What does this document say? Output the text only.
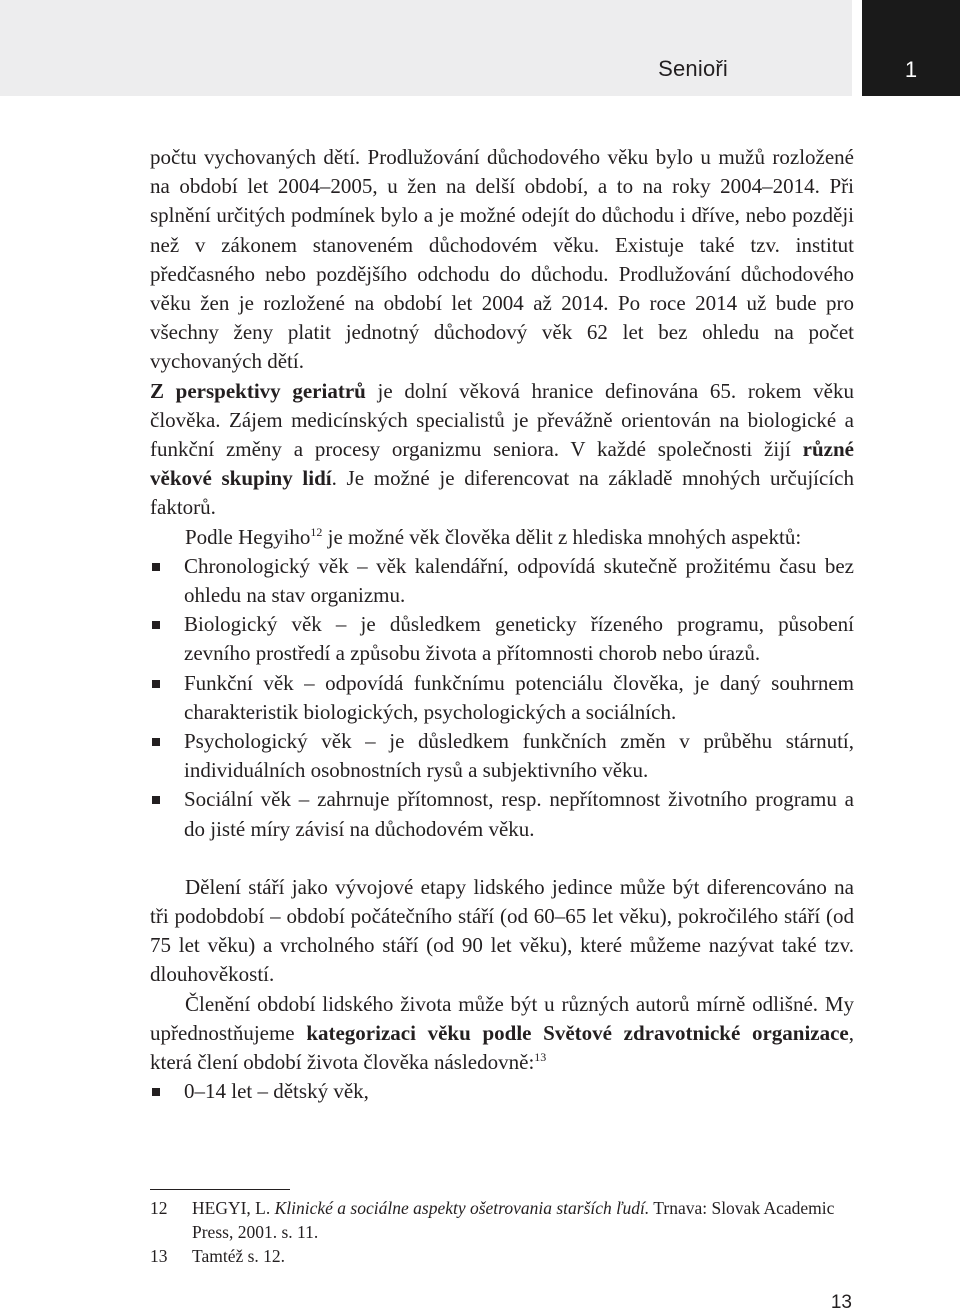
Senioři	1

počtu vychovaných dětí. Prodlužování důchodového věku bylo u mužů rozložené na období let 2004–2005, u žen na delší období, a to na roky 2004–2014. Při splnění určitých podmínek bylo a je možné odejít do důchodu i dříve, nebo později než v zákonem stanoveném důchodovém věku. Existuje také tzv. institut předčasného nebo pozdějšího odchodu do důchodu. Prodlužování důchodového věku žen je rozložené na období let 2004 až 2014. Po roce 2014 už bude pro všechny ženy platit jednotný důchodový věk 62 let bez ohledu na počet vychovaných dětí.

Z perspektivy geriatrů je dolní věková hranice definována 65. rokem věku člověka. Zájem medicínských specialistů je převážně orientován na biologické a funkční změny a procesy organizmu seniora. V každé společnosti žijí různé věkové skupiny lidí. Je možné je diferencovat na základě mnohých určujících faktorů.

Podle Hegyiho$^{12}$ je možné věk člověka dělit z hlediska mnohých aspektů:

Chronologický věk – věk kalendářní, odpovídá skutečně prožitému času bez ohledu na stav organizmu.
Biologický věk – je důsledkem geneticky řízeného programu, působení zevního prostředí a způsobu života a přítomnosti chorob nebo úrazů.
Funkční věk – odpovídá funkčnímu potenciálu člověka, je daný souhrnem charakteristik biologických, psychologických a sociálních.
Psychologický věk – je důsledkem funkčních změn v průběhu stárnutí, individuálních osobnostních rysů a subjektivního věku.
Sociální věk – zahrnuje přítomnost, resp. nepřítomnost životního programu a do jisté míry závisí na důchodovém věku.

Dělení stáří jako vývojové etapy lidského jedince může být diferencováno na tři podobdobí – období počátečního stáří (od 60–65 let věku), pokročilého stáří (od 75 let věku) a vrcholného stáří (od 90 let věku), které můžeme nazývat také tzv. dlouhověkostí.

Členění období lidského života může být u různých autorů mírně odlišné. My upřednostňujeme kategorizaci věku podle Světové zdravotnické organizace, která člení období života člověka následovně:$^{13}$

0–14 let – dětský věk,
12 HEGYI, L. Klinické a sociálne aspekty ošetrovania starších ľudí. Trnava: Slovak Academic Press, 2001. s. 11.
13 Tamtéž s. 12.
13
